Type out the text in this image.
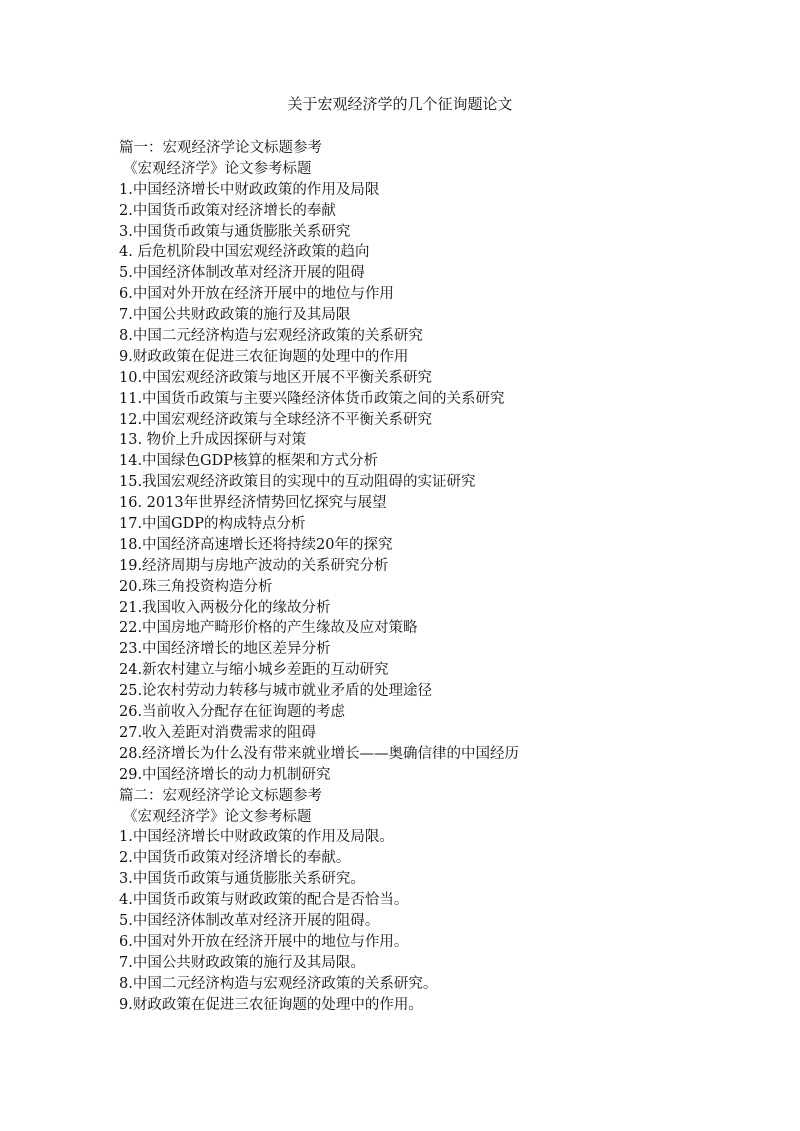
关于宏观经济学的几个征询题论文

篇一：宏观经济学论文标题参考

《宏观经济学》论文参考标题

1.中国经济增长中财政政策的作用及局限
2.中国货币政策对经济增长的奉献
3.中国货币政策与通货膨胀关系研究
4. 后危机阶段中国宏观经济政策的趋向
5.中国经济体制改革对经济开展的阻碍
6.中国对外开放在经济开展中的地位与作用
7.中国公共财政政策的施行及其局限
8.中国二元经济构造与宏观经济政策的关系研究
9.财政政策在促进三农征询题的处理中的作用
10.中国宏观经济政策与地区开展不平衡关系研究
11.中国货币政策与主要兴隆经济体货币政策之间的关系研究
12.中国宏观经济政策与全球经济不平衡关系研究
13. 物价上升成因探研与对策
14.中国绿色GDP核算的框架和方式分析
15.我国宏观经济政策目的实现中的互动阻碍的实证研究
16. 2013年世界经济情势回忆探究与展望
17.中国GDP的构成特点分析
18.中国经济高速增长还将持续20年的探究
19.经济周期与房地产波动的关系研究分析
20.珠三角投资构造分析
21.我国收入两极分化的缘故分析
22.中国房地产畸形价格的产生缘故及应对策略
23.中国经济增长的地区差异分析
24.新农村建立与缩小城乡差距的互动研究
25.论农村劳动力转移与城市就业矛盾的处理途径
26.当前收入分配存在征询题的考虑
27.收入差距对消费需求的阻碍
28.经济增长为什么没有带来就业增长——奥确信律的中国经历
29.中国经济增长的动力机制研究

篇二：宏观经济学论文标题参考

《宏观经济学》论文参考标题

1.中国经济增长中财政政策的作用及局限。
2.中国货币政策对经济增长的奉献。
3.中国货币政策与通货膨胀关系研究。
4.中国货币政策与财政政策的配合是否恰当。
5.中国经济体制改革对经济开展的阻碍。
6.中国对外开放在经济开展中的地位与作用。
7.中国公共财政政策的施行及其局限。
8.中国二元经济构造与宏观经济政策的关系研究。
9.财政政策在促进三农征询题的处理中的作用。
